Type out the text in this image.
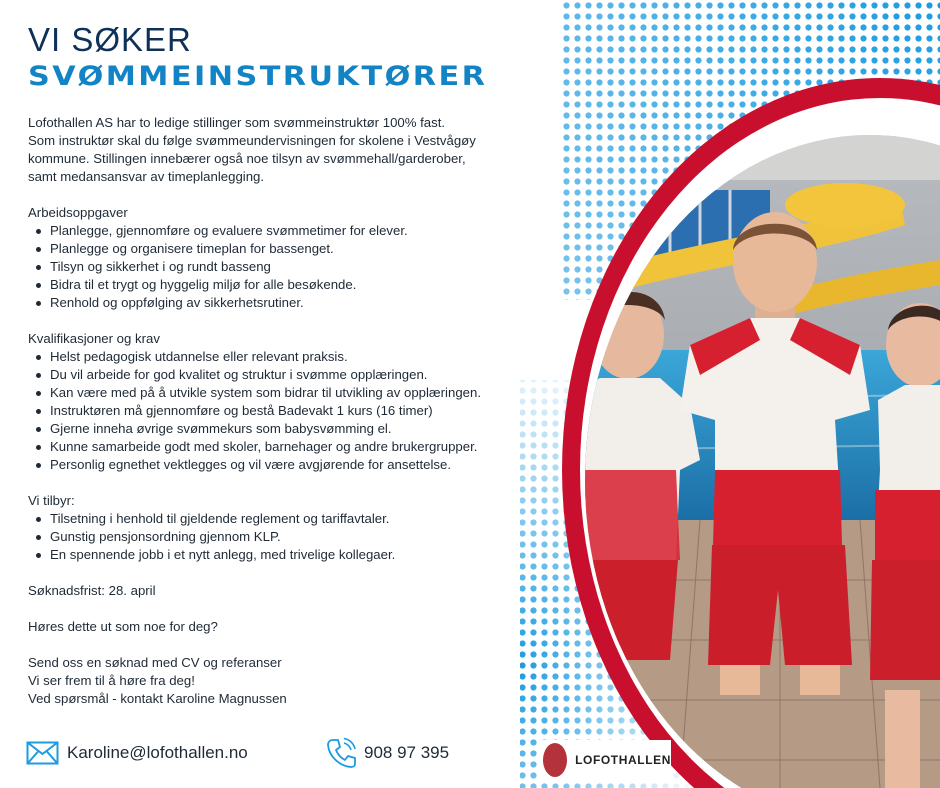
VI SØKER
SVØMMEINSTRUKTØRER

Lofothallen AS har to ledige stillinger som svømmeinstruktør 100% fast.

Som instruktør skal du følge svømmeundervisningen for skolene i Vestvågøy

kommune. Stillingen innebærer også noe tilsyn av svømmehall/garderober,

samt medansansvar av timeplanlegging.

Arbeidsoppgaver

Planlegge, gjennomføre og evaluere svømmetimer for elever.
Planlegge og organisere timeplan for bassenget.
Tilsyn og sikkerhet i og rundt basseng
Bidra til et trygt og hyggelig miljø for alle besøkende.
Renhold og oppfølging av sikkerhetsrutiner.

Kvalifikasjoner og krav

Helst pedagogisk utdannelse eller relevant praksis.
Du vil arbeide for god kvalitet og struktur i svømme opplæringen.
Kan være med på å utvikle system som bidrar til utvikling av opplæringen.
Instruktøren må gjennomføre og bestå Badevakt 1 kurs (16 timer)
Gjerne inneha øvrige svømmekurs som babysvømming el.
Kunne samarbeide godt med skoler, barnehager og andre brukergrupper.
Personlig egnethet vektlegges og vil være avgjørende for ansettelse.

Vi tilbyr:

Tilsetning i henhold til gjeldende reglement og tariffavtaler.
Gunstig pensjonsordning gjennom KLP.
En spennende jobb i et nytt anlegg, med trivelige kollegaer.

Søknadsfrist: 28. april

Høres dette ut som noe for deg?

Send oss en søknad med CV og referanser

Vi ser frem til å høre fra deg!

Ved spørsmål - kontakt Karoline Magnussen

Karoline@lofothallen.no	908 97 395	LOFOTHALLEN
